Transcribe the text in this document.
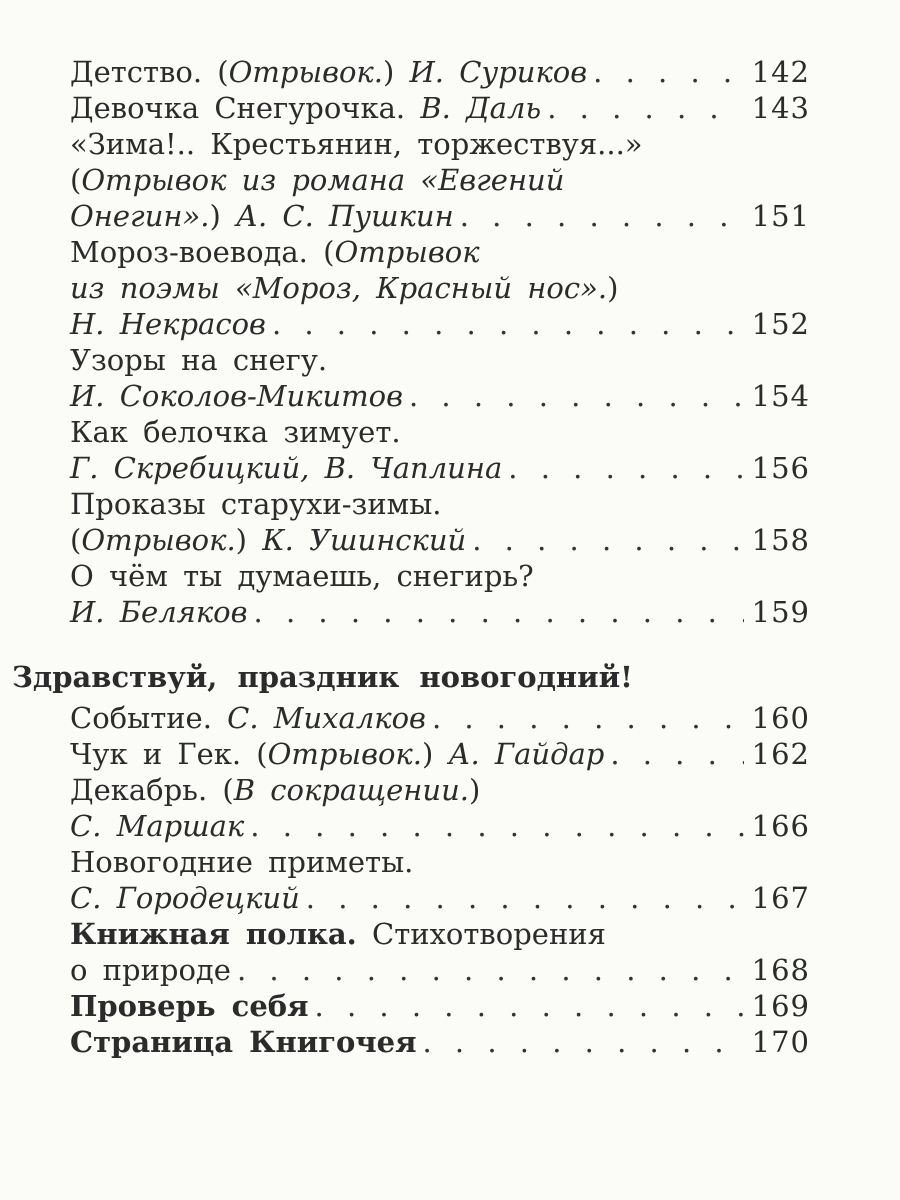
Детство. (Отрывок.) И. Суриков . . .	142
Девочка Снегурочка. В. Даль . . .	143
«Зима!.. Крестьянин, торжествуя...»
(Отрывок из романа «Евгений
Онегин».) А. С. Пушкин . . .	151
Мороз-воевода. (Отрывок
из поэмы «Мороз, Красный нос».)
Н. Некрасов . . .	152
Узоры на снегу.
И. Соколов-Микитов . . .	154
Как белочка зимует.
Г. Скребицкий, В. Чаплина . . .	156
Проказы старухи-зимы.
(Отрывок.) К. Ушинский . . .	158
О чём ты думаешь, снегирь?
И. Беляков . . .	159
Здравствуй, праздник новогодний!
Событие. С. Михалков . . .	160
Чук и Гек. (Отрывок.) А. Гайдар . . .	162
Декабрь. (В сокращении.)
С. Маршак . . .	166
Новогодние приметы.
С. Городецкий . . .	167
Книжная полка. Стихотворения
о природе . . .	168
Проверь себя . . .	169
Страница Книгочея . . .	170
